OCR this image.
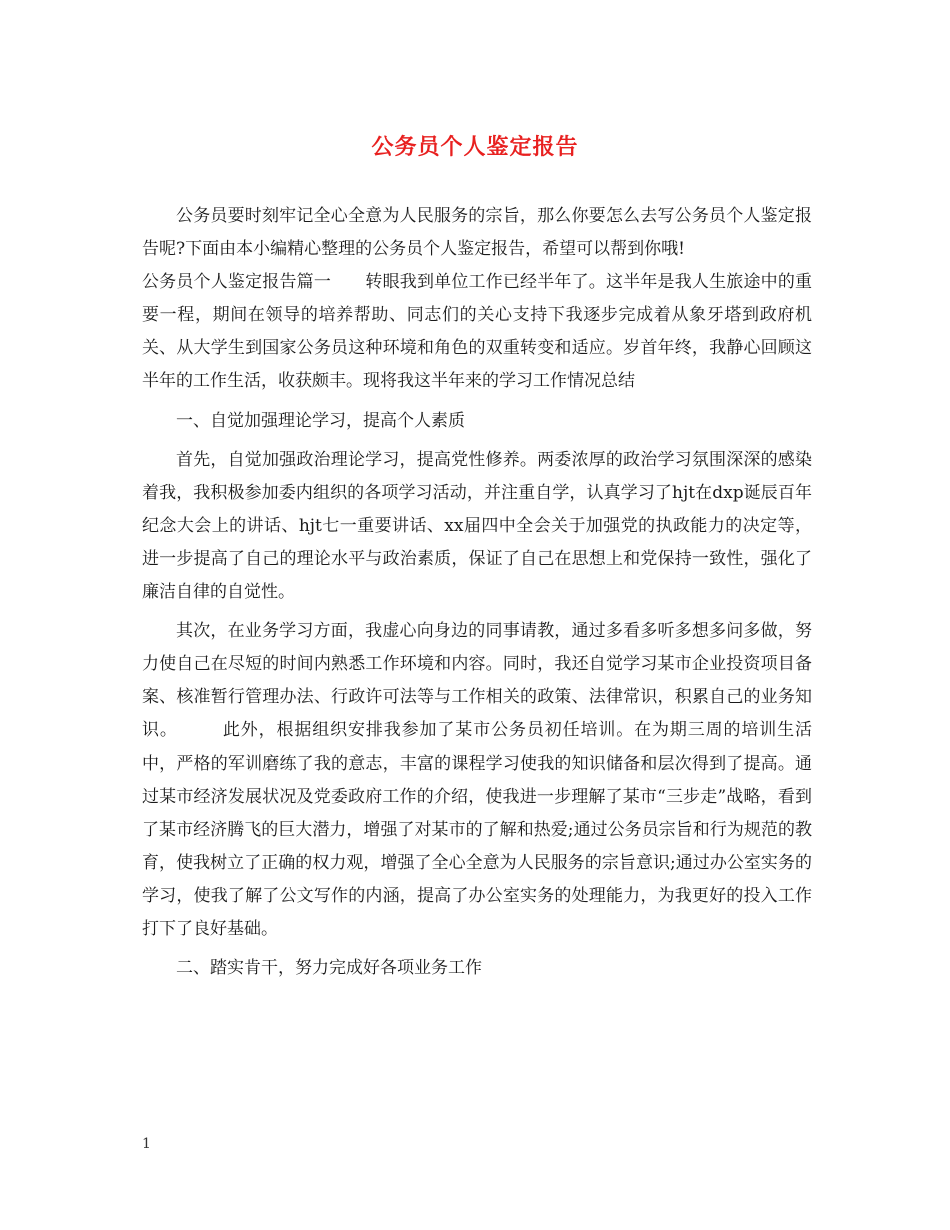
公务员个人鉴定报告

公务员要时刻牢记全心全意为人民服务的宗旨，那么你要怎么去写公务员个人鉴定报告呢?下面由本小编精心整理的公务员个人鉴定报告，希望可以帮到你哦!

公务员个人鉴定报告篇一　　转眼我到单位工作已经半年了。这半年是我人生旅途中的重要一程，期间在领导的培养帮助、同志们的关心支持下我逐步完成着从象牙塔到政府机关、从大学生到国家公务员这种环境和角色的双重转变和适应。岁首年终，我静心回顾这半年的工作生活，收获颇丰。现将我这半年来的学习工作情况总结

一、自觉加强理论学习，提高个人素质

首先，自觉加强政治理论学习，提高党性修养。两委浓厚的政治学习氛围深深的感染着我，我积极参加委内组织的各项学习活动，并注重自学，认真学习了hjt在dxp诞辰百年纪念大会上的讲话、hjt七一重要讲话、xx届四中全会关于加强党的执政能力的决定等，进一步提高了自己的理论水平与政治素质，保证了自己在思想上和党保持一致性，强化了廉洁自律的自觉性。

其次，在业务学习方面，我虚心向身边的同事请教，通过多看多听多想多问多做，努力使自己在尽短的时间内熟悉工作环境和内容。同时，我还自觉学习某市企业投资项目备案、核准暂行管理办法、行政许可法等与工作相关的政策、法律常识，积累自己的业务知识。　　　此外，根据组织安排我参加了某市公务员初任培训。在为期三周的培训生活中，严格的军训磨练了我的意志，丰富的课程学习使我的知识储备和层次得到了提高。通过某市经济发展状况及党委政府工作的介绍，使我进一步理解了某市“三步走”战略，看到了某市经济腾飞的巨大潜力，增强了对某市的了解和热爱;通过公务员宗旨和行为规范的教育，使我树立了正确的权力观，增强了全心全意为人民服务的宗旨意识;通过办公室实务的学习，使我了解了公文写作的内涵，提高了办公室实务的处理能力，为我更好的投入工作打下了良好基础。

二、踏实肯干，努力完成好各项业务工作

1
